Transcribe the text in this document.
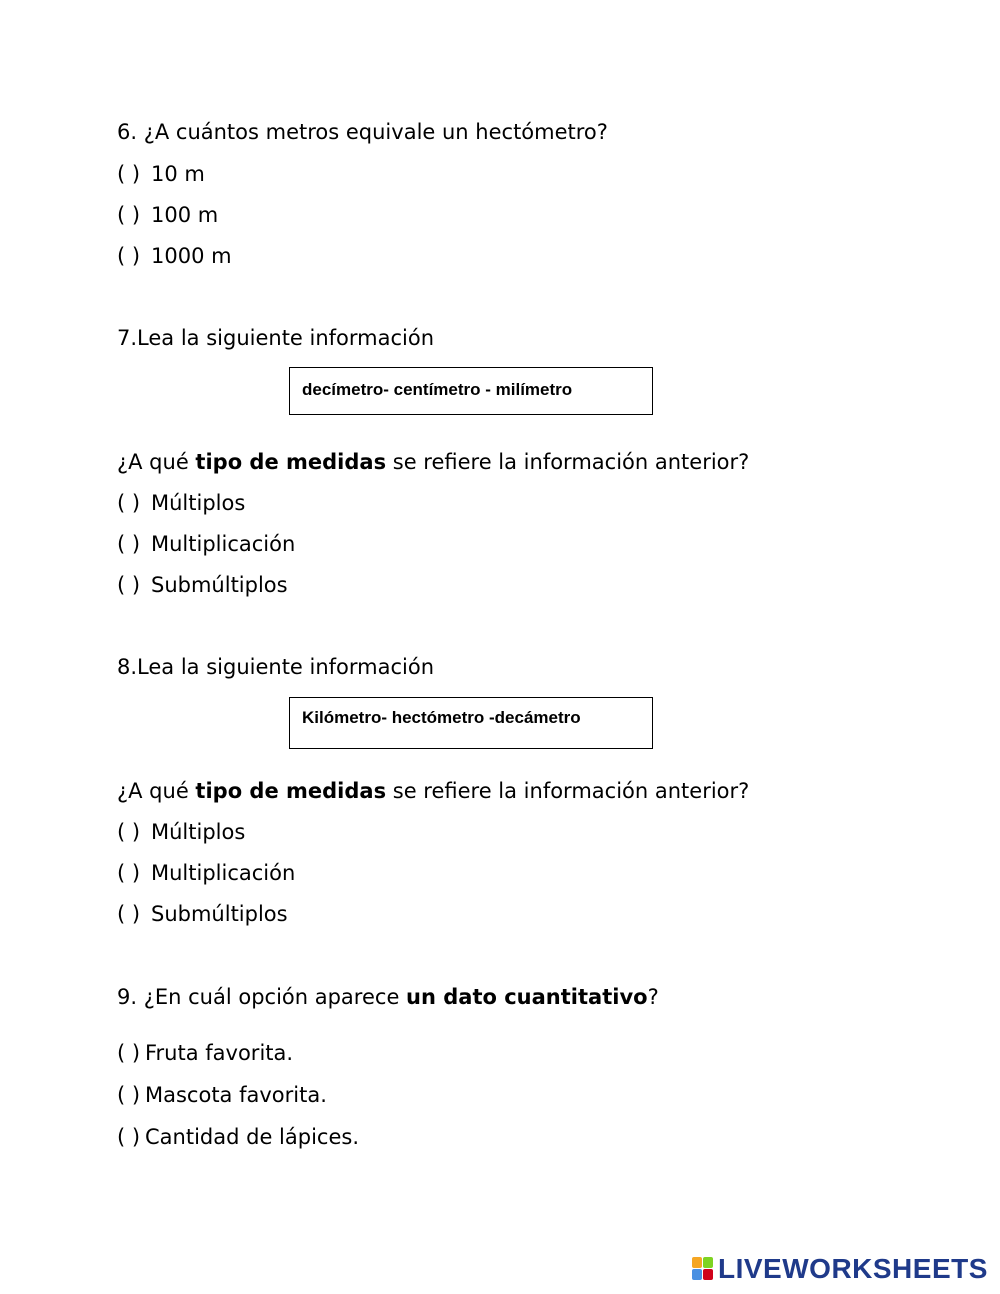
6. ¿A cuántos metros equivale un hectómetro?
( ) 10 m
( ) 100 m
( ) 1000 m
7.Lea la siguiente información
decímetro- centímetro - milímetro
¿A qué tipo de medidas se refiere la información anterior?
( ) Múltiplos
( ) Multiplicación
( ) Submúltiplos
8.Lea la siguiente información
Kilómetro- hectómetro -decámetro
¿A qué tipo de medidas se refiere la información anterior?
( ) Múltiplos
( ) Multiplicación
( ) Submúltiplos
9. ¿En cuál opción aparece un dato cuantitativo?
( ) Fruta favorita.
( ) Mascota favorita.
( ) Cantidad de lápices.
LIVEWORKSHEETS
